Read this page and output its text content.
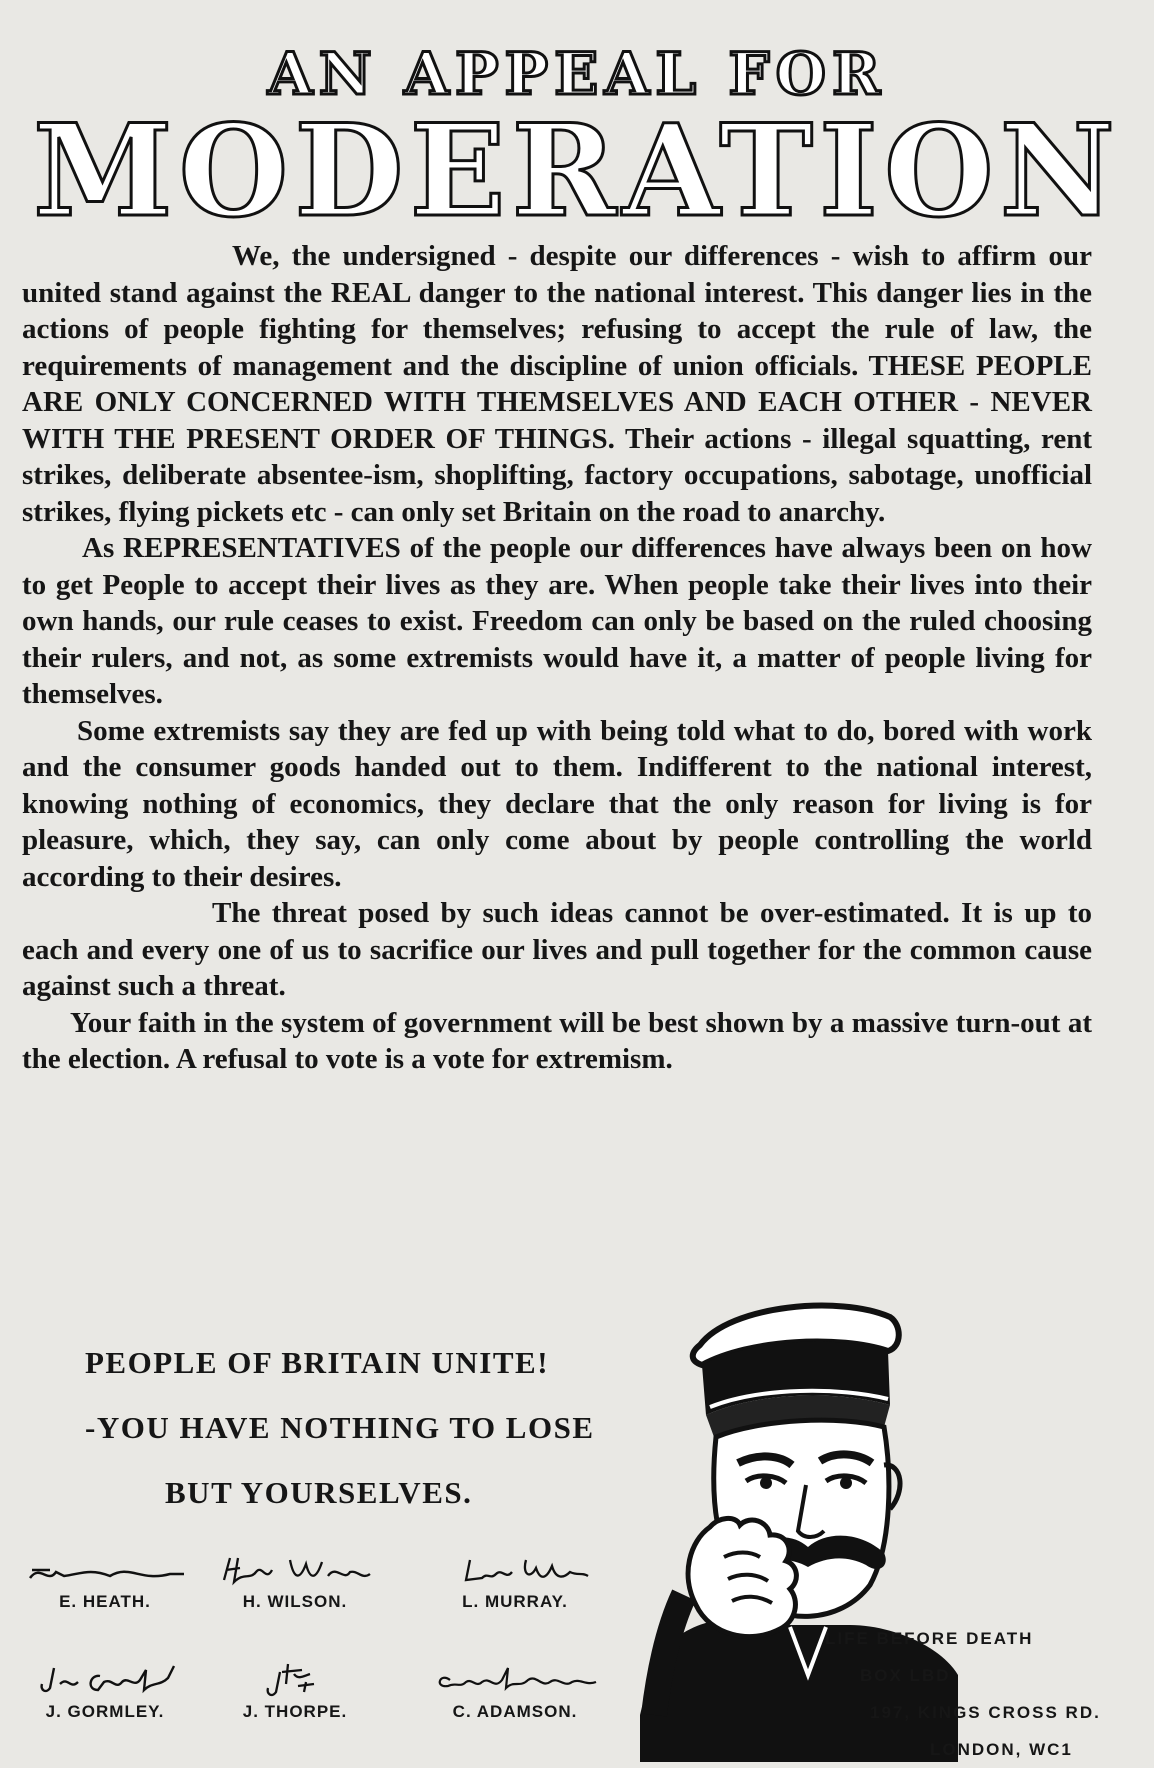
AN APPEAL FOR
MODERATION

We, the undersigned - despite our differences - wish to affirm our united stand against the REAL danger to the national interest. This danger lies in the actions of people fighting for themselves; refusing to accept the rule of law, the requirements of management and the discipline of union officials. THESE PEOPLE ARE ONLY CONCERNED WITH THEMSELVES AND EACH OTHER - NEVER WITH THE PRESENT ORDER OF THINGS. Their actions - illegal squatting, rent strikes, deliberate absentee-ism, shoplifting, factory occupations, sabotage, unofficial strikes, flying pickets etc - can only set Britain on the road to anarchy.

As REPRESENTATIVES of the people our differences have always been on how to get People to accept their lives as they are. When people take their lives into their own hands, our rule ceases to exist. Freedom can only be based on the ruled choosing their rulers, and not, as some extremists would have it, a matter of people living for themselves.

Some extremists say they are fed up with being told what to do, bored with work and the consumer goods handed out to them. Indifferent to the national interest, knowing nothing of economics, they declare that the only reason for living is for pleasure, which, they say, can only come about by people controlling the world according to their desires.

The threat posed by such ideas cannot be over-estimated. It is up to each and every one of us to sacrifice our lives and pull together for the common cause against such a threat.

Your faith in the system of government will be best shown by a massive turn-out at the election. A refusal to vote is a vote for extremism.

PEOPLE OF BRITAIN UNITE!
-YOU HAVE NOTHING TO LOSE
BUT YOURSELVES.
E. HEATH.	H. WILSON.	L. MURRAY.
J. GORMLEY.	J. THORPE.	C. ADAMSON.
LIFE BEFORE DEATH
BOX LBD
197, KINGS CROSS RD.
LONDON, WC1
